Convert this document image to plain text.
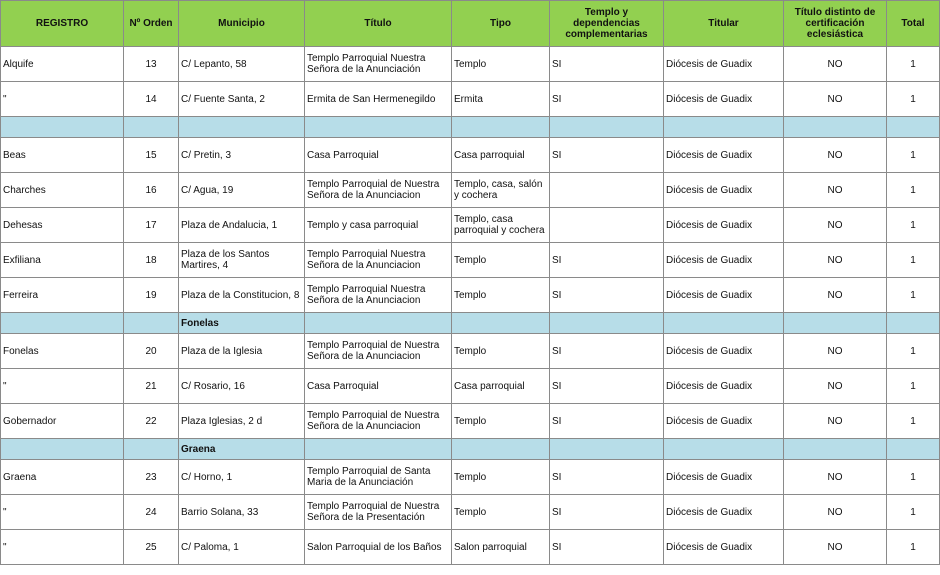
REGISTRO	Nº Orden	Municipio	Título	Tipo	Templo y dependencias complementarias	Titular	Título distinto de certificación eclesiástica	Total
Alquife	13	C/ Lepanto, 58	Templo Parroquial Nuestra Señora de la Anunciación	Templo	SI	Diócesis de Guadix	NO	1
"	14	C/ Fuente Santa, 2	Ermita de San Hermenegildo	Ermita	SI	Diócesis de Guadix	NO	1

Beas	15	C/ Pretin, 3	Casa Parroquial	Casa parroquial	SI	Diócesis de Guadix	NO	1
Charches	16	C/ Agua, 19	Templo Parroquial de Nuestra Señora de la Anunciacion	Templo, casa, salón y cochera		Diócesis de Guadix	NO	1
Dehesas	17	Plaza de Andalucia, 1	Templo y casa parroquial	Templo, casa parroquial y cochera		Diócesis de Guadix	NO	1
Exfiliana	18	Plaza de los Santos Martires, 4	Templo Parroquial Nuestra Señora de la Anunciacion	Templo	SI	Diócesis de Guadix	NO	1
Ferreira	19	Plaza de la Constitucion, 8	Templo Parroquial Nuestra Señora de la Anunciacion	Templo	SI	Diócesis de Guadix	NO	1
		Fonelas						
Fonelas	20	Plaza de la Iglesia	Templo Parroquial de Nuestra Señora de la Anunciacion	Templo	SI	Diócesis de Guadix	NO	1
"	21	C/ Rosario, 16	Casa Parroquial	Casa parroquial	SI	Diócesis de Guadix	NO	1
Gobernador	22	Plaza Iglesias, 2 d	Templo Parroquial de Nuestra Señora de la Anunciacion	Templo	SI	Diócesis de Guadix	NO	1
		Graena						
Graena	23	C/ Horno, 1	Templo Parroquial de Santa Maria de la Anunciación	Templo	SI	Diócesis de Guadix	NO	1
"	24	Barrio Solana, 33	Templo Parroquial de Nuestra Señora de la Presentación	Templo	SI	Diócesis de Guadix	NO	1
"	25	C/ Paloma, 1	Salon Parroquial de los Baños	Salon parroquial	SI	Diócesis de Guadix	NO	1
